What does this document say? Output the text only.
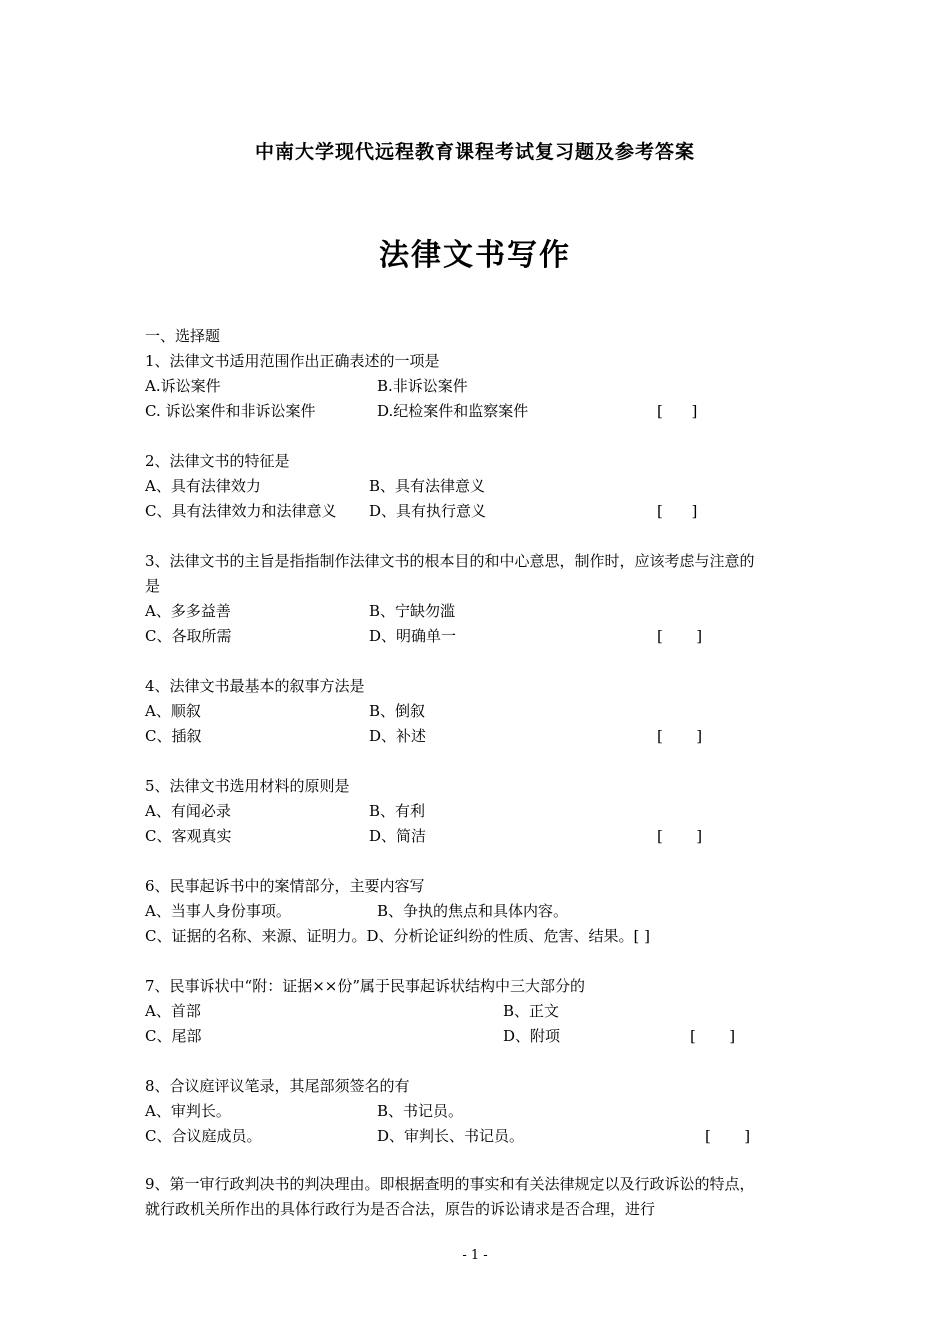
中南大学现代远程教育课程考试复习题及参考答案
法律文书写作
一、选择题
1、法律文书适用范围作出正确表述的一项是
A.诉讼案件	B.非诉讼案件
C. 诉讼案件和非诉讼案件	D.纪检案件和监察案件	[      ]
2、法律文书的特征是
A、具有法律效力	B、具有法律意义
C、具有法律效力和法律意义 D、具有执行意义	[      ]
3、法律文书的主旨是指指制作法律文书的根本目的和中心意思，制作时，应该考虑与注意的
是
A、多多益善	B、宁缺勿滥
C、各取所需	D、明确单一	[       ]
4、法律文书最基本的叙事方法是
A、顺叙	B、倒叙
C、插叙	D、补述	[       ]
5、法律文书选用材料的原则是
A、有闻必录	B、有利
C、客观真实	D、简洁	[       ]
6、民事起诉书中的案情部分，主要内容写
A、当事人身份事项。	B、争执的焦点和具体内容。
C、证据的名称、来源、证明力。D、分析论证纠纷的性质、危害、结果。[ ]
7、民事诉状中“附：证据××份”属于民事起诉状结构中三大部分的
A、首部	B、正文
C、尾部	D、附项	[       ]
8、合议庭评议笔录，其尾部须签名的有
A、审判长。	B、书记员。
C、合议庭成员。	D、审判长、书记员。	[       ]
9、第一审行政判决书的判决理由。即根据查明的事实和有关法律规定以及行政诉讼的特点，
就行政机关所作出的具体行政行为是否合法，原告的诉讼请求是否合理，进行
- 1 -
